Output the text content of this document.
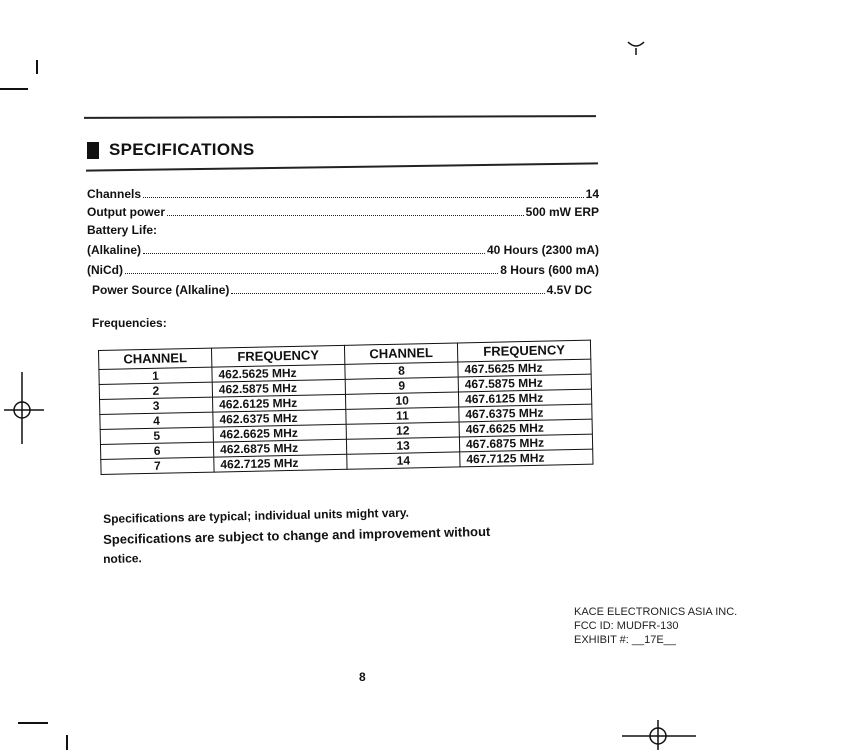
SPECIFICATIONS
Channels	14
Output power	500 mW ERP
Battery Life:
(Alkaline)	40 Hours (2300 mA)
(NiCd)	8 Hours (600 mA)
Power Source (Alkaline)	4.5V DC
Frequencies:
CHANNEL	FREQUENCY	CHANNEL	FREQUENCY
1	462.5625 MHz	8	467.5625 MHz
2	462.5875 MHz	9	467.5875 MHz
3	462.6125 MHz	10	467.6125 MHz
4	462.6375 MHz	11	467.6375 MHz
5	462.6625 MHz	12	467.6625 MHz
6	462.6875 MHz	13	467.6875 MHz
7	462.7125 MHz	14	467.7125 MHz
Specifications are typical; individual units might vary.
Specifications are subject to change and improvement without
notice.
KACE ELECTRONICS ASIA INC.
FCC ID: MUDFR-130
EXHIBIT #: __17E__
8
